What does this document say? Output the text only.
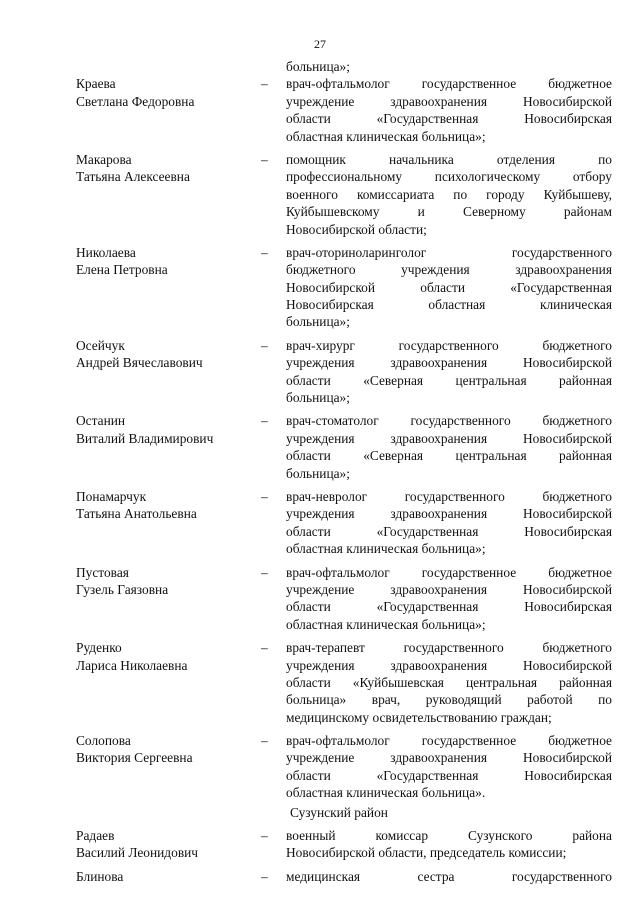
27
больница»;
Краева
Светлана Федоровна
– врач-офтальмолог государственное бюджетное
учреждение здравоохранения Новосибирской
области «Государственная Новосибирская
областная клиническая больница»;
Макарова
Татьяна Алексеевна
– помощник начальника отделения по
профессиональному психологическому отбору
военного комиссариата по городу Куйбышеву,
Куйбышевскому и Северному районам
Новосибирской области;
Николаева
Елена Петровна
– врач-оториноларинголог государственного
бюджетного учреждения здравоохранения
Новосибирской области «Государственная
Новосибирская областная клиническая
больница»;
Осейчук
Андрей Вячеславович
– врач-хирург государственного бюджетного
учреждения здравоохранения Новосибирской
области «Северная центральная районная
больница»;
Останин
Виталий Владимирович
– врач-стоматолог государственного бюджетного
учреждения здравоохранения Новосибирской
области «Северная центральная районная
больница»;
Понамарчук
Татьяна Анатольевна
– врач-невролог государственного бюджетного
учреждения здравоохранения Новосибирской
области «Государственная Новосибирская
областная клиническая больница»;
Пустовая
Гузель Гаязовна
– врач-офтальмолог государственное бюджетное
учреждение здравоохранения Новосибирской
области «Государственная Новосибирская
областная клиническая больница»;
Руденко
Лариса Николаевна
– врач-терапевт государственного бюджетного
учреждения здравоохранения Новосибирской
области «Куйбышевская центральная районная
больница» врач, руководящий работой по
медицинскому освидетельствованию граждан;
Солопова
Виктория Сергеевна
– врач-офтальмолог государственное бюджетное
учреждение здравоохранения Новосибирской
области «Государственная Новосибирская
областная клиническая больница».
Сузунский район
Радаев
Василий Леонидович
– военный комиссар Сузунского района
Новосибирской области, председатель комиссии;
Блинова	– медицинская сестра государственного
